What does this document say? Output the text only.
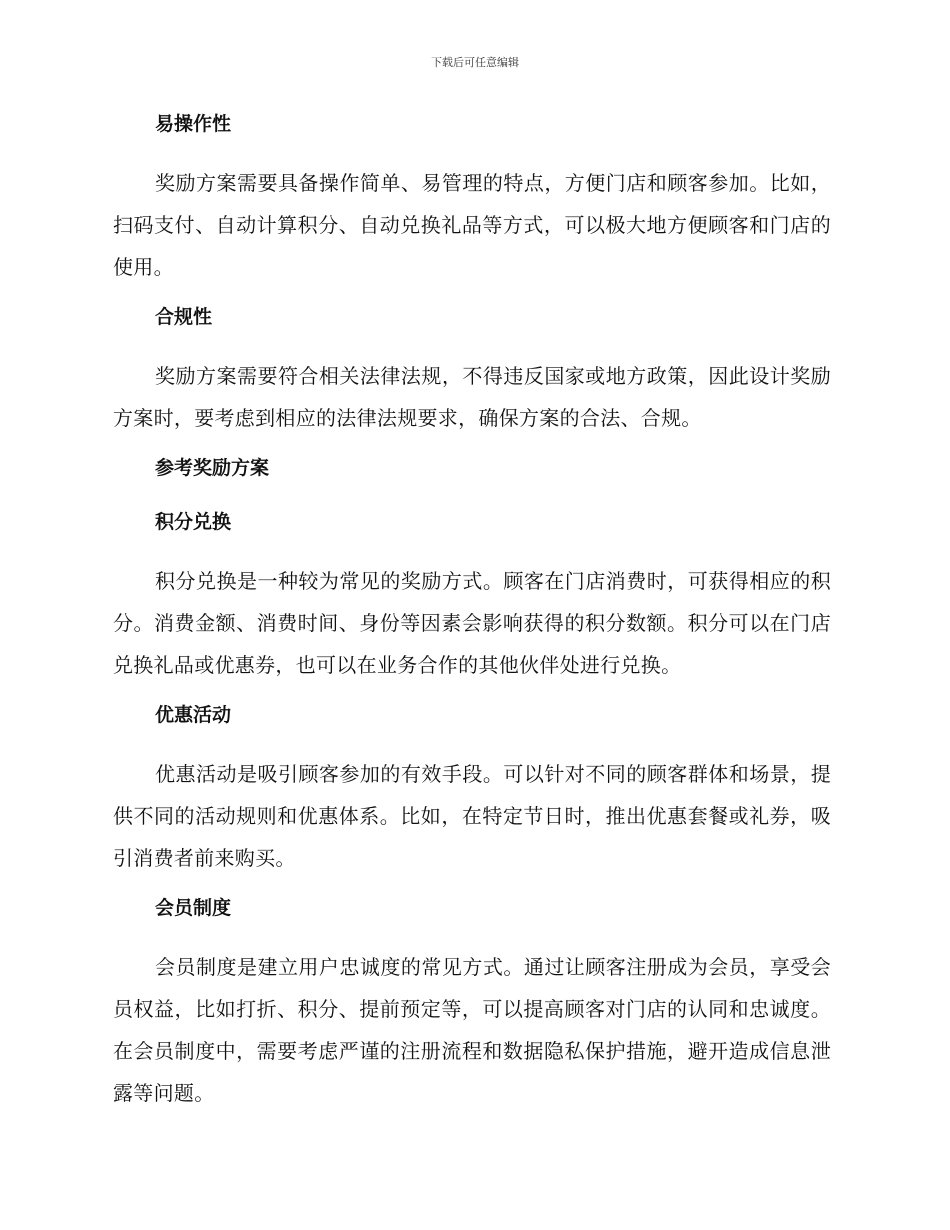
下载后可任意编辑
易操作性

奖励方案需要具备操作简单、易管理的特点，方便门店和顾客参加。比如，扫码支付、自动计算积分、自动兑换礼品等方式，可以极大地方便顾客和门店的使用。

合规性

奖励方案需要符合相关法律法规，不得违反国家或地方政策，因此设计奖励方案时，要考虑到相应的法律法规要求，确保方案的合法、合规。

参考奖励方案
积分兑换

积分兑换是一种较为常见的奖励方式。顾客在门店消费时，可获得相应的积分。消费金额、消费时间、身份等因素会影响获得的积分数额。积分可以在门店兑换礼品或优惠券，也可以在业务合作的其他伙伴处进行兑换。

优惠活动

优惠活动是吸引顾客参加的有效手段。可以针对不同的顾客群体和场景，提供不同的活动规则和优惠体系。比如，在特定节日时，推出优惠套餐或礼券，吸引消费者前来购买。

会员制度

会员制度是建立用户忠诚度的常见方式。通过让顾客注册成为会员，享受会员权益，比如打折、积分、提前预定等，可以提高顾客对门店的认同和忠诚度。在会员制度中，需要考虑严谨的注册流程和数据隐私保护措施，避开造成信息泄露等问题。
